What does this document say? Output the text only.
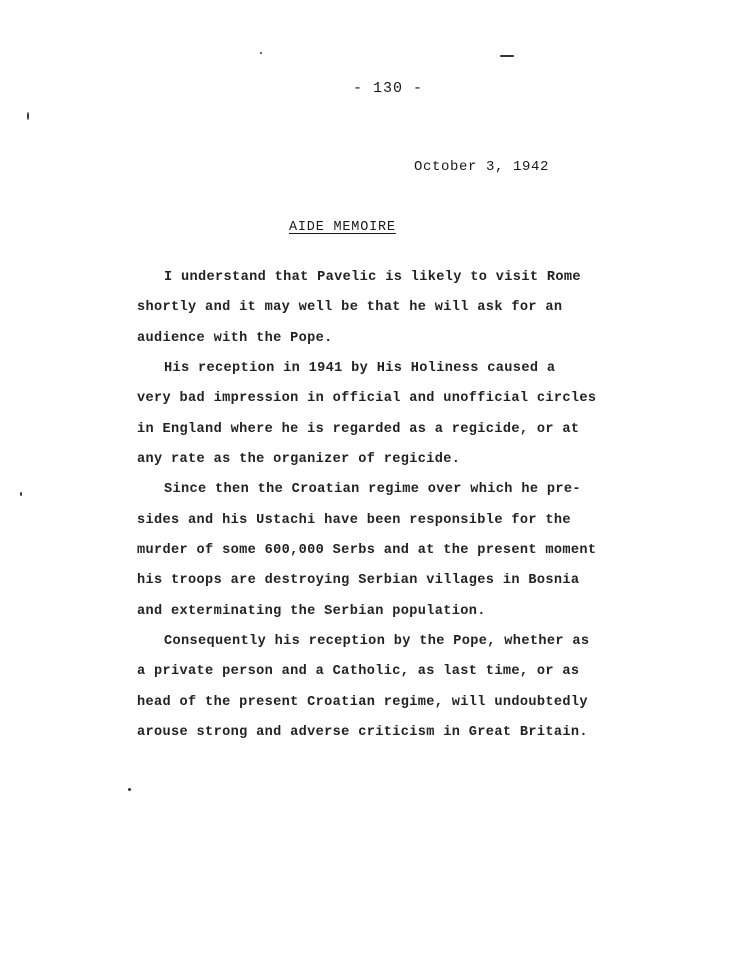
- 130 -
October 3, 1942
AIDE MEMOIRE
I understand that Pavelic is likely to visit Rome
shortly and it may well be that he will ask for an
audience with the Pope.
His reception in 1941 by His Holiness caused a
very bad impression in official and unofficial circles
in England where he is regarded as a regicide, or at
any rate as the organizer of regicide.
Since then the Croatian regime over which he pre-
sides and his Ustachi have been responsible for the
murder of some 600,000 Serbs and at the present moment
his troops are destroying Serbian villages in Bosnia
and exterminating the Serbian population.
Consequently his reception by the Pope, whether as
a private person and a Catholic, as last time, or as
head of the present Croatian regime, will undoubtedly
arouse strong and adverse criticism in Great Britain.
